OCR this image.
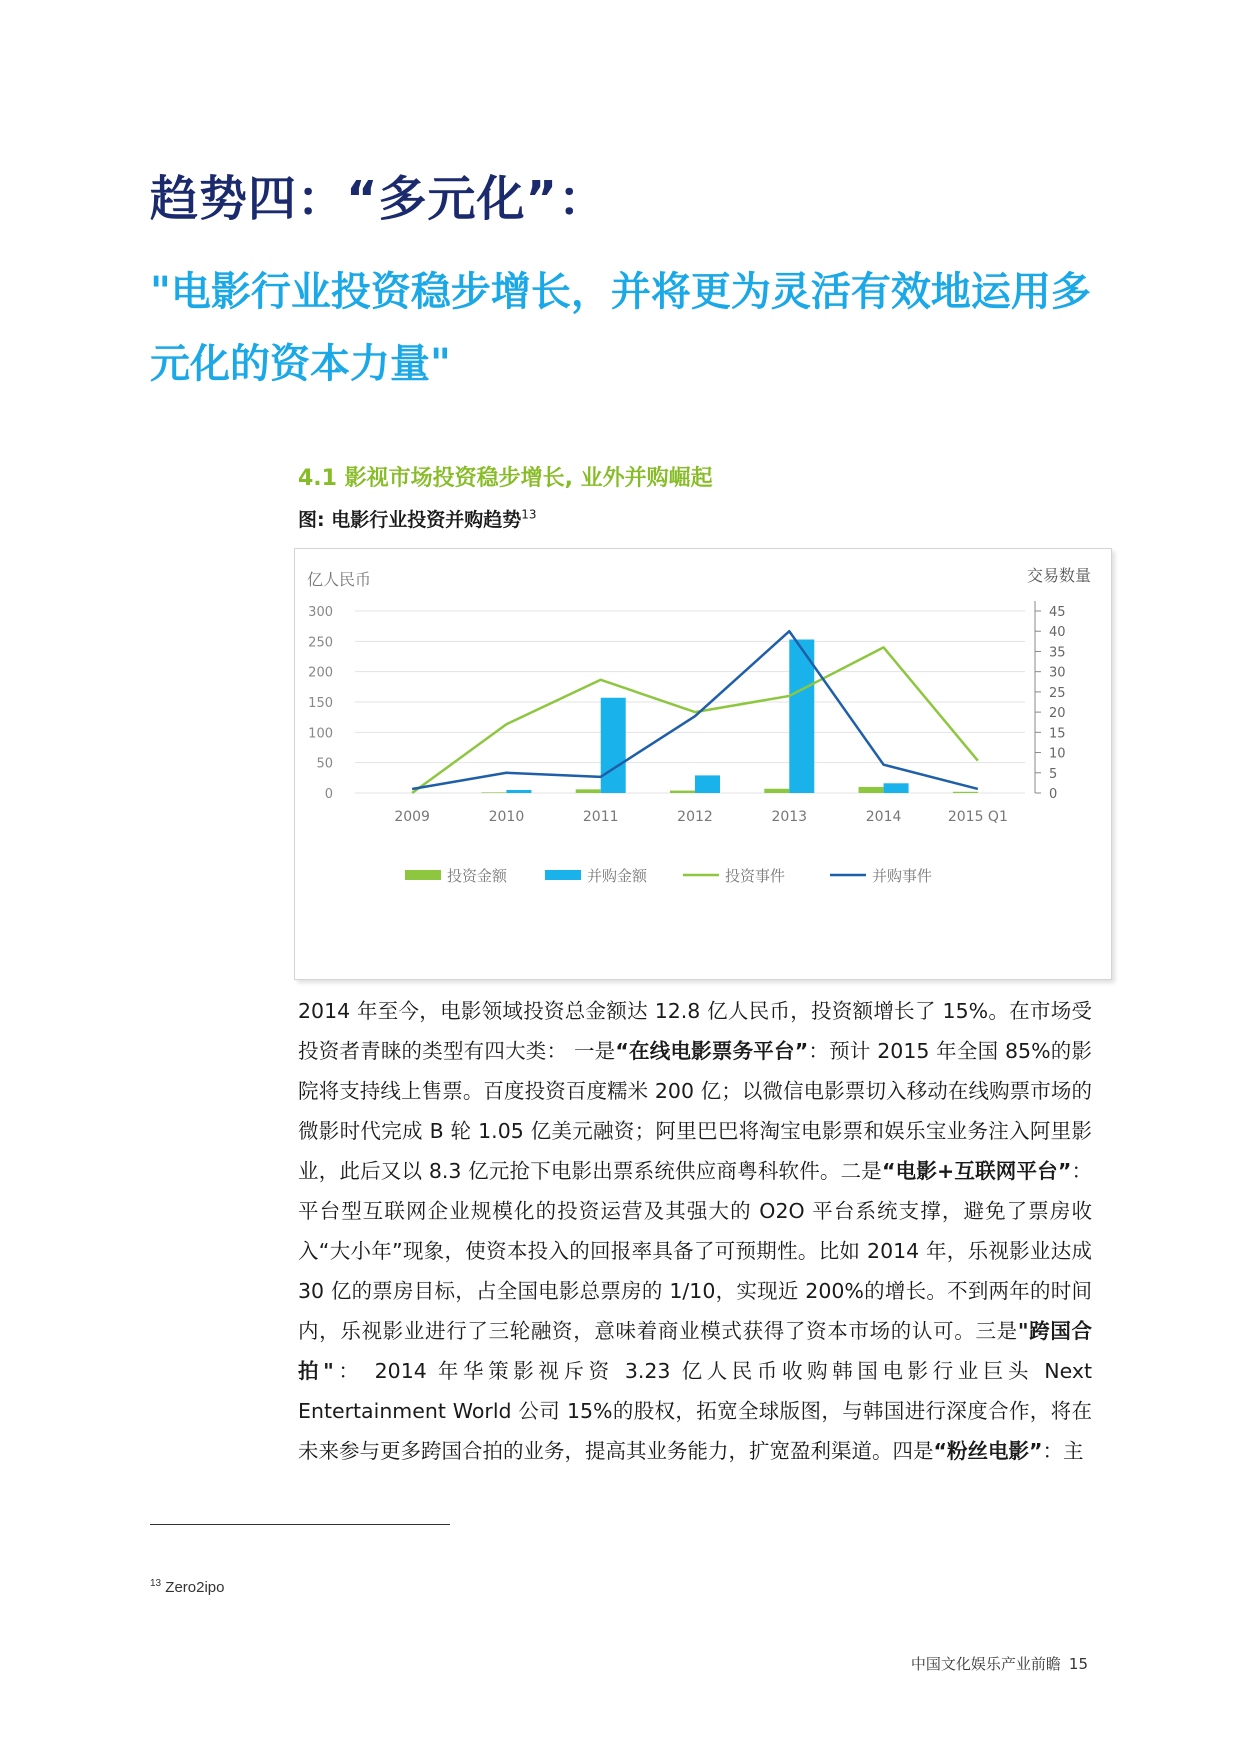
趋势四：“多元化”：
"电影行业投资稳步增长，并将更为灵活有效地运用多元化的资本力量"
4.1 影视市场投资稳步增长, 业外并购崛起

图: 电影行业投资并购趋势$^{13}$

亿人民币	交易数量
300
250
200
150
100
50
0
45
40
35
30
25
20
15
10
5
0
2009	2010	2011	2012	2013	2014	2015 Q1
投资金额	并购金额	投资事件	并购事件

2014 年至今，电影领域投资总金额达 12.8 亿人民币，投资额增长了 15%。在市场受投资者青睐的类型有四大类： 一是“在线电影票务平台”：预计 2015 年全国 85%的影院将支持线上售票。百度投资百度糯米 200 亿；以微信电影票切入移动在线购票市场的微影时代完成 B 轮 1.05 亿美元融资；阿里巴巴将淘宝电影票和娱乐宝业务注入阿里影业，此后又以 8.3 亿元抢下电影出票系统供应商粤科软件。二是“电影+互联网平台”：平台型互联网企业规模化的投资运营及其强大的 O2O 平台系统支撑，避免了票房收入“大小年”现象，使资本投入的回报率具备了可预期性。比如 2014 年，乐视影业达成 30 亿的票房目标，占全国电影总票房的 1/10，实现近 200%的增长。不到两年的时间内，乐视影业进行了三轮融资，意味着商业模式获得了资本市场的认可。三是"跨国合拍"： 2014 年华策影视斥资 3.23 亿人民币收购韩国电影行业巨头 Next Entertainment World 公司 15%的股权，拓宽全球版图，与韩国进行深度合作，将在未来参与更多跨国合拍的业务，提高其业务能力，扩宽盈利渠道。四是“粉丝电影”：主

$^{13}$ Zero2ipo

中国文化娱乐产业前瞻 15
